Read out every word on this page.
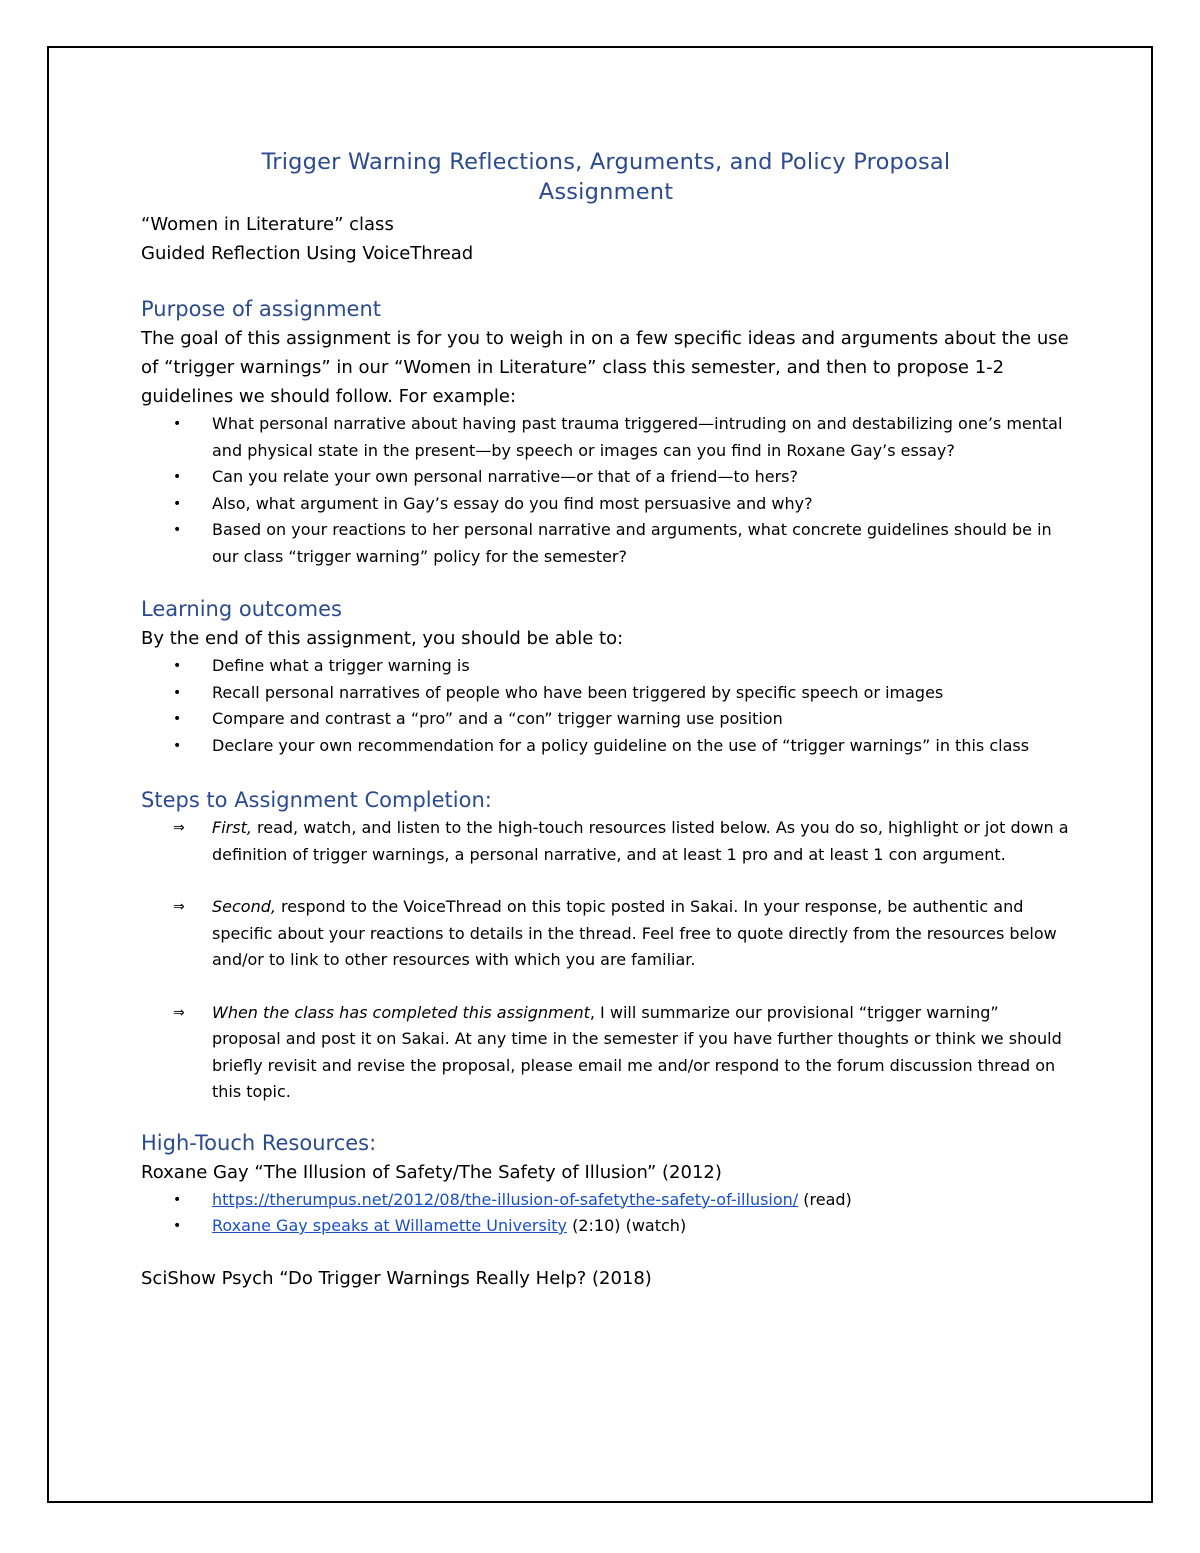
Trigger Warning Reflections, Arguments, and Policy Proposal
Assignment

“Women in Literature” class

Guided Reflection Using VoiceThread

Purpose of assignment

The goal of this assignment is for you to weigh in on a few specific ideas and arguments about the use of “trigger warnings” in our “Women in Literature” class this semester, and then to propose 1-2 guidelines we should follow. For example:

• What personal narrative about having past trauma triggered—intruding on and destabilizing one’s mental and physical state in the present—by speech or images can you find in Roxane Gay’s essay?
• Can you relate your own personal narrative—or that of a friend—to hers?
• Also, what argument in Gay’s essay do you find most persuasive and why?
• Based on your reactions to her personal narrative and arguments, what concrete guidelines should be in our class “trigger warning” policy for the semester?
Learning outcomes

By the end of this assignment, you should be able to:

• Define what a trigger warning is
• Recall personal narratives of people who have been triggered by specific speech or images
• Compare and contrast a “pro” and a “con” trigger warning use position
• Declare your own recommendation for a policy guideline on the use of “trigger warnings” in this class
Steps to Assignment Completion:
⇒ First, read, watch, and listen to the high-touch resources listed below. As you do so, highlight or jot down a definition of trigger warnings, a personal narrative, and at least 1 pro and at least 1 con argument.
⇒ Second, respond to the VoiceThread on this topic posted in Sakai. In your response, be authentic and specific about your reactions to details in the thread. Feel free to quote directly from the resources below and/or to link to other resources with which you are familiar.
⇒ When the class has completed this assignment, I will summarize our provisional “trigger warning” proposal and post it on Sakai. At any time in the semester if you have further thoughts or think we should briefly revisit and revise the proposal, please email me and/or respond to the forum discussion thread on this topic.
High-Touch Resources:

Roxane Gay “The Illusion of Safety/The Safety of Illusion” (2012)

• https://therumpus.net/2012/08/the-illusion-of-safetythe-safety-of-illusion/ (read)
• Roxane Gay speaks at Willamette University (2:10) (watch)

SciShow Psych “Do Trigger Warnings Really Help? (2018)
